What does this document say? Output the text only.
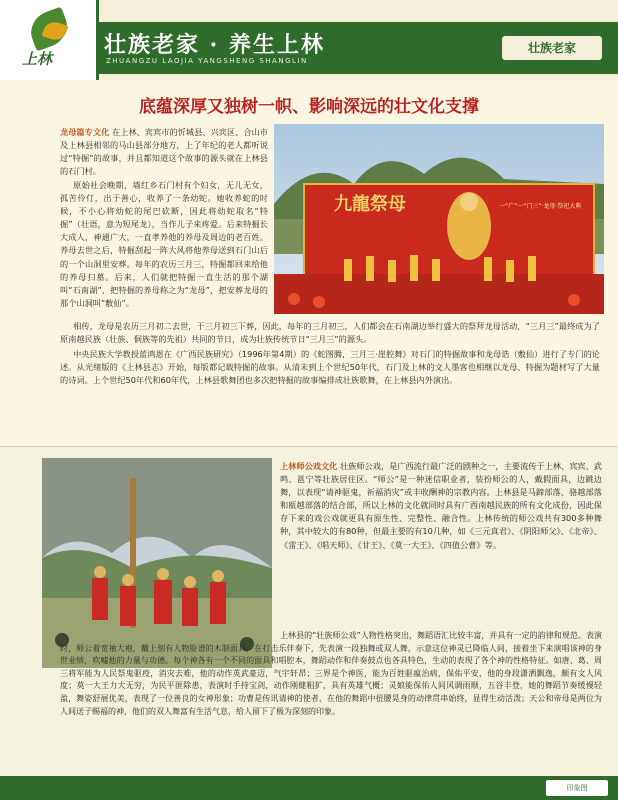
上林
壮族老家 · 养生上林
ZHUANGZU LAOJIA YANGSHENG SHANGLIN
壮族老家
底蕴深厚又独树一帜、影响深远的壮文化支撑

龙母篇专文化 在上林、宾宾市的忻城县、兴宾区、合山市及上林县相邻的马山县部分地方，上了年纪的老人都听说过“特掘”的故事，并且都知道这个故事的源头就在上林县的石门村。

原始社会晚期，墙红乡石门村有个妇女，无儿无女，孤苦伶仃，出于善心，收养了一条幼蛇。她收养蛇的时候，不小心将幼蛇的尾巴砍断，因此将幼蛇取名“特掘”（壮语，意为短尾龙），当作儿子来疼爱。后来特掘长大成人，神通广大，一直孝养他的养母及周边的老百姓。养母去世之后，特掘刮起一阵大风将他养母送到石门山后的一个山洞里安葬。每年的农历三月三，特掘都回来给他的养母扫墓。后来，人们就把特掘一直生活的那个湖叫“石南湖”，把特掘的养母称之为“龙母”，把安葬龙母的那个山洞叫“敷仙”。

九龍祭母	一“广”一“门三”·龙母·祭祀大典

相传，龙母是农历三月初二去世，于三月初三下葬，因此，每年的三月初三，人们都会在石南湖边举行盛大的祭拜龙母活动，“三月三”最终成为了原南越民族（壮族、侗族等的先祖）共同的节日，成为壮族传统节日“三月三”的源头。

中央民族大学教授蓝鸿恩在《广西民族研究》（1996年第4期）的《蛇图腾，三月三·崖腔舞》对石门的特掘故事和龙母诰（敷仙）进行了专门的论述。从光绪版的《上林县志》开始，每版都记载特掘的故事。从清末到上个世纪50年代，石门及上林的文人墨客也相继以龙母、特掘为题材写了大量的诗词。上个世纪50年代和60年代，上林县歌舞团也多次把特掘的故事编排成壮族歌舞，在上林县内外演出。

上林师公戏文化 壮族师公戏，是广西流行最广泛的剧种之一，主要流传于上林、宾宾、武鸣、邕宁等壮族居住区。“师公”是一种迷信职业者，装扮师公的人，戴假面具，边跳边舞，以表现“请神驱鬼，祈福消灾”或丰收酬神的宗教内容。上林县是马蹄部落、骆越部落和瓯越部落的结合部，所以上林的文化就同时具有广西南越民族的所有文化成份，因此保存下来的戏公戏就更具有原生性、完整性、融合性。上林传统的师公戏共有300多种舞种，其中较大的有80种，但最主要的有10几种，如《三元真君》、《阴阳师父》、《北帝》、《雷王》、《唱天师》、《甘王》、《莫一大王》、《四值公曹》等。

上林县的“壮族师公戏”人物性格突出，舞蹈语汇比较丰富，并具有一定的韵律和规范。表演时，师公着宽袖大袍，戴上刻有人物脸谱的木制面具，在打击乐伴奏下，先表演一段独舞或双人舞，示意这位神灵已降临人间，接着坐下来演唱该神的身世业绩，吹嘘他的力量与功德。每个神各有一个不同的面具和唱腔本，舞蹈动作和伴奏鼓点也各具特色，生动的表现了各个神的性格特征。如唐、葛、周三将军能为人民祭鬼驱疫，消灾去难，他的动作英武豪迈，气宇轩昂；三界是个神医，能为百姓驱瘟治病，保佑平安，他的身段潇洒飘逸，颇有文人风度；莫一大王力大无穷，为民平匪除患，表演时手持宝剑，动作刚健粗犷，具有英雄气概；灵娘能保佑人间风调雨顺，五谷丰登，她的舞蹈节奏缓慢轻盈，舞姿舒展优美，表现了一位善良的女神形象；功曹是传讯请神的使者，在他的舞蹈中扭腰晃身的动律贯串始终，显得生动活泼；天公和帝母是两位为人间送子赐福的神，他们的双人舞富有生活气息，给人留下了极为深刻的印象。

印象图
